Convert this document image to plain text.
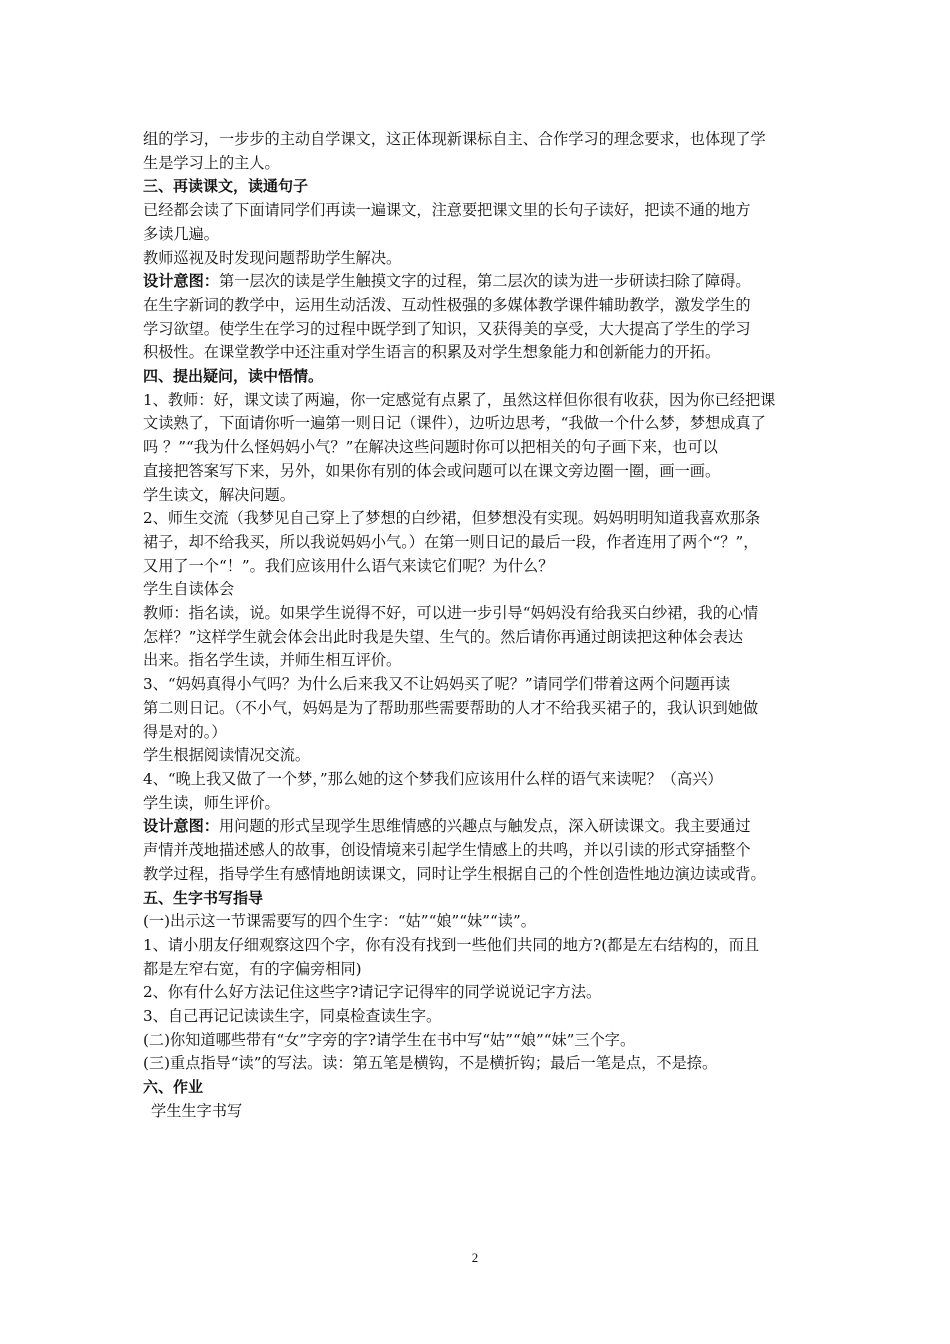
组的学习，一步步的主动自学课文，这正体现新课标自主、合作学习的理念要求，也体现了学

生是学习上的主人。

三、再读课文，读通句子

已经都会读了下面请同学们再读一遍课文，注意要把课文里的长句子读好，把读不通的地方

多读几遍。

教师巡视及时发现问题帮助学生解决。

设计意图：第一层次的读是学生触摸文字的过程，第二层次的读为进一步研读扫除了障碍。

在生字新词的教学中，运用生动活泼、互动性极强的多媒体教学课件辅助教学，激发学生的

学习欲望。使学生在学习的过程中既学到了知识，又获得美的享受，大大提高了学生的学习

积极性。在课堂教学中还注重对学生语言的积累及对学生想象能力和创新能力的开拓。

四、提出疑问，读中悟情。

1、教师：好，课文读了两遍，你一定感觉有点累了，虽然这样但你很有收获，因为你已经把课

文读熟了，下面请你听一遍第一则日记（课件），边听边思考，“我做一个什么梦，梦想成真了

吗 ？”“我为什么怪妈妈小气？”在解决这些问题时你可以把相关的句子画下来，也可以

直接把答案写下来，另外，如果你有别的体会或问题可以在课文旁边圈一圈，画一画。

学生读文，解决问题。

2、师生交流（我梦见自己穿上了梦想的白纱裙，但梦想没有实现。妈妈明明知道我喜欢那条

裙子，却不给我买，所以我说妈妈小气。）在第一则日记的最后一段，作者连用了两个“？”，

又用了一个“！”。我们应该用什么语气来读它们呢？为什么？

学生自读体会

教师：指名读，说。如果学生说得不好，可以进一步引导“妈妈没有给我买白纱裙，我的心情

怎样？”这样学生就会体会出此时我是失望、生气的。然后请你再通过朗读把这种体会表达

出来。指名学生读，并师生相互评价。

3、“妈妈真得小气吗？为什么后来我又不让妈妈买了呢？”请同学们带着这两个问题再读

第二则日记。（不小气，妈妈是为了帮助那些需要帮助的人才不给我买裙子的，我认识到她做

得是对的。）

学生根据阅读情况交流。

4、“晚上我又做了一个梦，”那么她的这个梦我们应该用什么样的语气来读呢？（高兴）

学生读，师生评价。

设计意图：用问题的形式呈现学生思维情感的兴趣点与触发点，深入研读课文。我主要通过

声情并茂地描述感人的故事，创设情境来引起学生情感上的共鸣，并以引读的形式穿插整个

教学过程，指导学生有感情地朗读课文，同时让学生根据自己的个性创造性地边演边读或背。

五、生字书写指导

(一)出示这一节课需要写的四个生字：“姑”“娘”“妹”“读”。

1、请小朋友仔细观察这四个字，你有没有找到一些他们共同的地方?(都是左右结构的，而且

都是左窄右宽，有的字偏旁相同)

2、你有什么好方法记住这些字?请记字记得牢的同学说说记字方法。

3、自己再记记读读生字，同桌检查读生字。

(二)你知道哪些带有“女”字旁的字?请学生在书中写“姑”“娘”“妹”三个字。

(三)重点指导“读”的写法。读：第五笔是横钩，不是横折钩；最后一笔是点，不是捺。

六、作业

学生生字书写

2
